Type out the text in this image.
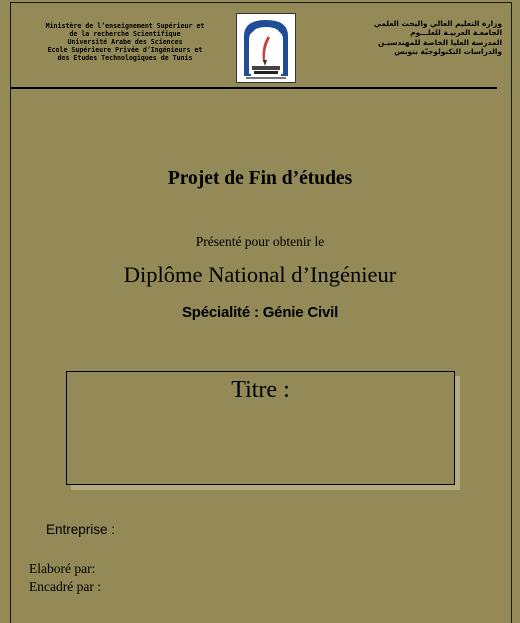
Ministère de l’enseignement Supérieur et
de la recherche Scientifique
Université Arabe des Sciences
Ecole Supérieure Privée d’Ingénieurs et
des Etudes Technologiques de Tunis
وزارة التعليم العالي والبحث العلمي
الجامعـة العربيـة للعلـــوم
المدرسة العليا الخاصة للمهندسيـن
والدراسات التكنولوجيّة بتونس
Projet de Fin d’études
Présenté pour obtenir le
Diplôme National d’Ingénieur
Spécialité : Génie Civil
Titre :
Entreprise :
Elaboré par:
Encadré par :
